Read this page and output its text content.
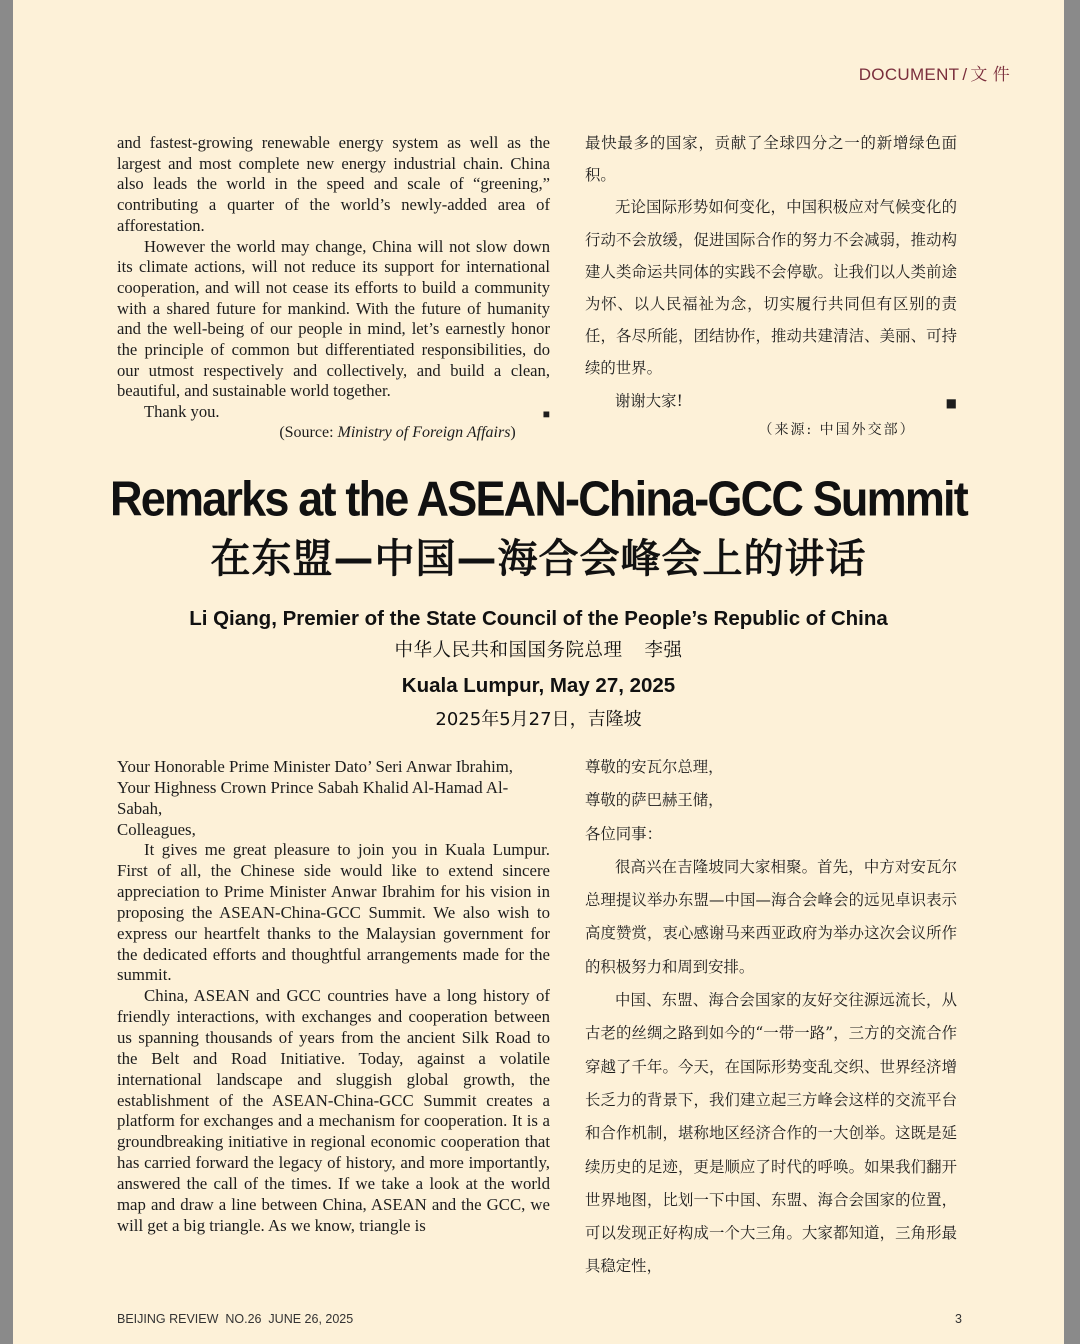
DOCUMENT / 文 件

and fastest-growing renewable energy system as well as the largest and most complete new energy industrial chain. China also leads the world in the speed and scale of “greening,” contributing a quarter of the world’s newly-added area of afforestation.

However the world may change, China will not slow down its climate actions, will not reduce its support for international cooperation, and will not cease its efforts to build a community with a shared future for mankind. With the future of humanity and the well-being of our people in mind, let’s earnestly honor the principle of common but differentiated responsibilities, do our utmost respectively and collectively, and build a clean, beautiful, and sustainable world together.

Thank you.	■

(Source: Ministry of Foreign Affairs)

最快最多的国家，贡献了全球四分之一的新增绿色面积。

无论国际形势如何变化，中国积极应对气候变化的行动不会放缓，促进国际合作的努力不会减弱，推动构建人类命运共同体的实践不会停歇。让我们以人类前途为怀、以人民福祉为念，切实履行共同但有区别的责任，各尽所能，团结协作，推动共建清洁、美丽、可持续的世界。

谢谢大家!	■

（来源: 中国外交部）

Remarks at the ASEAN-China-GCC Summit
在东盟—中国—海合会峰会上的讲话
Li Qiang, Premier of the State Council of the People’s Republic of China
中华人民共和国国务院总理 李强
Kuala Lumpur, May 27, 2025
2025年5月27日，吉隆坡

Your Honorable Prime Minister Dato’ Seri Anwar Ibrahim,

Your Highness Crown Prince Sabah Khalid Al-Hamad Al-Sabah,

Colleagues,

It gives me great pleasure to join you in Kuala Lumpur. First of all, the Chinese side would like to extend sincere appreciation to Prime Minister Anwar Ibrahim for his vision in proposing the ASEAN-China-GCC Summit. We also wish to express our heartfelt thanks to the Malaysian government for the dedicated efforts and thoughtful arrangements made for the summit.

China, ASEAN and GCC countries have a long history of friendly interactions, with exchanges and cooperation between us spanning thousands of years from the ancient Silk Road to the Belt and Road Initiative. Today, against a volatile international landscape and sluggish global growth, the establishment of the ASEAN-China-GCC Summit creates a platform for exchanges and a mechanism for cooperation. It is a groundbreaking initiative in regional economic cooperation that has carried forward the legacy of history, and more importantly, answered the call of the times. If we take a look at the world map and draw a line between China, ASEAN and the GCC, we will get a big triangle. As we know, triangle is

尊敬的安瓦尔总理，

尊敬的萨巴赫王储，

各位同事：

很高兴在吉隆坡同大家相聚。首先，中方对安瓦尔总理提议举办东盟—中国—海合会峰会的远见卓识表示高度赞赏，衷心感谢马来西亚政府为举办这次会议所作的积极努力和周到安排。

中国、东盟、海合会国家的友好交往源远流长，从古老的丝绸之路到如今的“一带一路”，三方的交流合作穿越了千年。今天，在国际形势变乱交织、世界经济增长乏力的背景下，我们建立起三方峰会这样的交流平台和合作机制，堪称地区经济合作的一大创举。这既是延续历史的足迹，更是顺应了时代的呼唤。如果我们翻开世界地图，比划一下中国、东盟、海合会国家的位置，可以发现正好构成一个大三角。大家都知道，三角形最具稳定性，

BEIJING REVIEW  NO.26  JUNE 26, 2025	3
